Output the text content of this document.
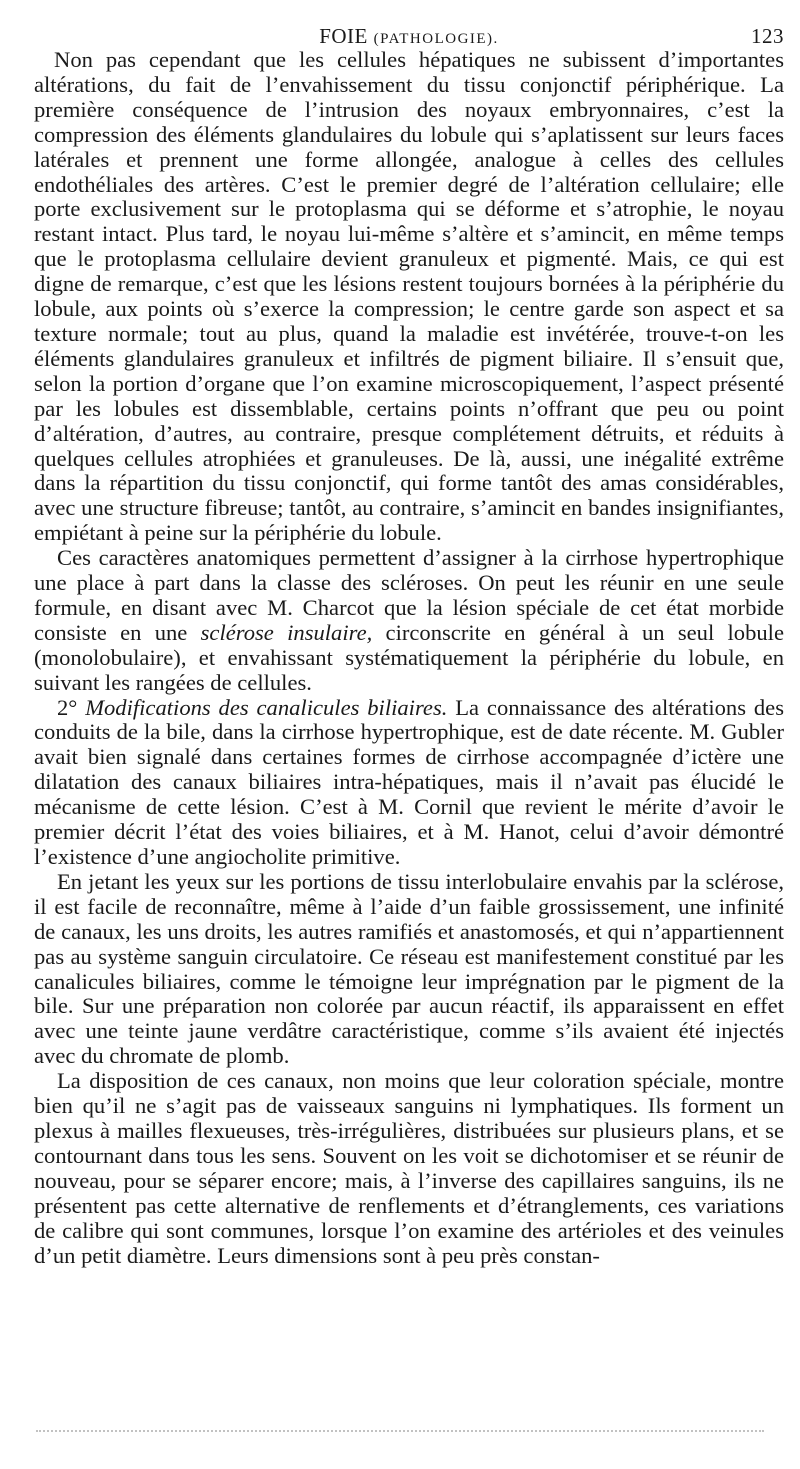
FOIE (PATHOLOGIE).	123

Non pas cependant que les cellules hépatiques ne subissent d’importantes altérations, du fait de l’envahissement du tissu conjonctif périphérique. La première conséquence de l’intrusion des noyaux embryonnaires, c’est la compression des éléments glandulaires du lobule qui s’aplatissent sur leurs faces latérales et prennent une forme allongée, analogue à celles des cellules endothéliales des artères. C’est le premier degré de l’altération cellulaire; elle porte exclusivement sur le protoplasma qui se déforme et s’atrophie, le noyau restant intact. Plus tard, le noyau lui-même s’altère et s’amincit, en même temps que le protoplasma cellulaire devient granuleux et pigmenté. Mais, ce qui est digne de remarque, c’est que les lésions restent toujours bornées à la périphérie du lobule, aux points où s’exerce la compression; le centre garde son aspect et sa texture normale; tout au plus, quand la maladie est invétérée, trouve-t-on les éléments glandulaires granuleux et infiltrés de pigment biliaire. Il s’ensuit que, selon la portion d’organe que l’on examine microscopiquement, l’aspect présenté par les lobules est dissemblable, certains points n’offrant que peu ou point d’altération, d’autres, au contraire, presque complétement détruits, et réduits à quelques cellules atrophiées et granuleuses. De là, aussi, une inégalité extrême dans la répartition du tissu conjonctif, qui forme tantôt des amas considérables, avec une structure fibreuse; tantôt, au contraire, s’amincit en bandes insignifiantes, empiétant à peine sur la périphérie du lobule.

Ces caractères anatomiques permettent d’assigner à la cirrhose hypertrophique une place à part dans la classe des scléroses. On peut les réunir en une seule formule, en disant avec M. Charcot que la lésion spéciale de cet état morbide consiste en une sclérose insulaire, circonscrite en général à un seul lobule (monolobulaire), et envahissant systématiquement la périphérie du lobule, en suivant les rangées de cellules.

2° Modifications des canalicules biliaires. La connaissance des altérations des conduits de la bile, dans la cirrhose hypertrophique, est de date récente. M. Gubler avait bien signalé dans certaines formes de cirrhose accompagnée d’ictère une dilatation des canaux biliaires intra-hépatiques, mais il n’avait pas élucidé le mécanisme de cette lésion. C’est à M. Cornil que revient le mérite d’avoir le premier décrit l’état des voies biliaires, et à M. Hanot, celui d’avoir démontré l’existence d’une angiocholite primitive.

En jetant les yeux sur les portions de tissu interlobulaire envahis par la sclérose, il est facile de reconnaître, même à l’aide d’un faible grossissement, une infinité de canaux, les uns droits, les autres ramifiés et anastomosés, et qui n’appartiennent pas au système sanguin circulatoire. Ce réseau est manifestement constitué par les canalicules biliaires, comme le témoigne leur imprégnation par le pigment de la bile. Sur une préparation non colorée par aucun réactif, ils apparaissent en effet avec une teinte jaune verdâtre caractéristique, comme s’ils avaient été injectés avec du chromate de plomb.

La disposition de ces canaux, non moins que leur coloration spéciale, montre bien qu’il ne s’agit pas de vaisseaux sanguins ni lymphatiques. Ils forment un plexus à mailles flexueuses, très-irrégulières, distribuées sur plusieurs plans, et se contournant dans tous les sens. Souvent on les voit se dichotomiser et se réunir de nouveau, pour se séparer encore; mais, à l’inverse des capillaires sanguins, ils ne présentent pas cette alternative de renflements et d’étranglements, ces variations de calibre qui sont communes, lorsque l’on examine des artérioles et des veinules d’un petit diamètre. Leurs dimensions sont à peu près constan-
